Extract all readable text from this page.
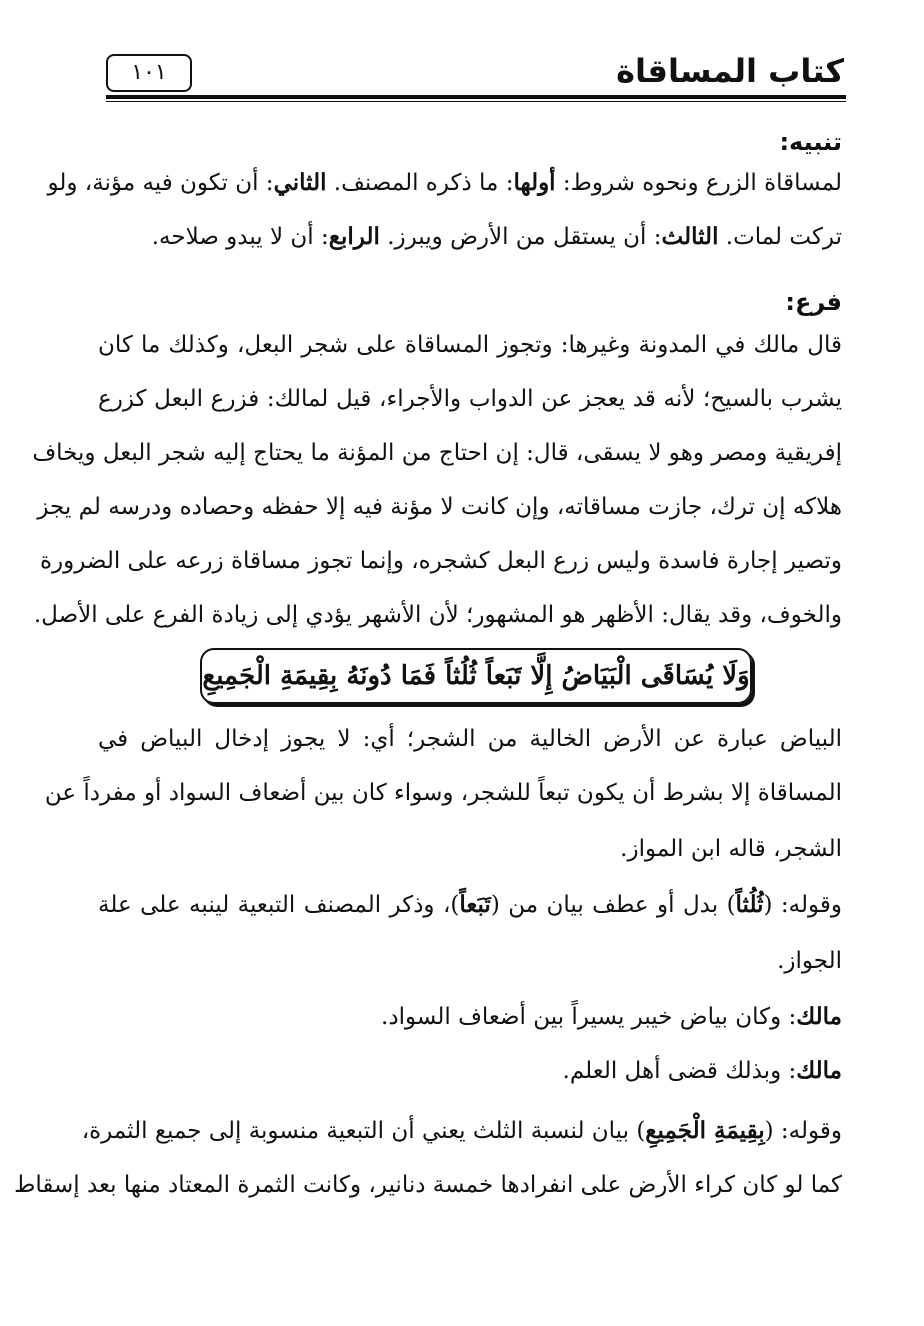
كتاب المساقاة
١٠١
تنبيه:
لمساقاة الزرع ونحوه شروط: أولها: ما ذكره المصنف. الثاني: أن تكون فيه مؤنة، ولو
تركت لمات. الثالث: أن يستقل من الأرض ويبرز. الرابع: أن لا يبدو صلاحه.
فرع:
قال مالك في المدونة وغيرها: وتجوز المساقاة على شجر البعل، وكذلك ما كان
يشرب بالسيح؛ لأنه قد يعجز عن الدواب والأجراء، قيل لمالك: فزرع البعل كزرع
إفريقية ومصر وهو لا يسقى، قال: إن احتاج من المؤنة ما يحتاج إليه شجر البعل ويخاف
هلاكه إن ترك، جازت مساقاته، وإن كانت لا مؤنة فيه إلا حفظه وحصاده ودرسه لم يجز
وتصير إجارة فاسدة وليس زرع البعل كشجره، وإنما تجوز مساقاة زرعه على الضرورة
والخوف، وقد يقال: الأظهر هو المشهور؛ لأن الأشهر يؤدي إلى زيادة الفرع على الأصل.
وَلَا يُسَاقَى الْبَيَاضُ إِلَّا تَبَعاً ثُلُثاً فَمَا دُونَهُ بِقِيمَةِ الْجَمِيعِ
البياض عبارة عن الأرض الخالية من الشجر؛ أي: لا يجوز إدخال البياض في
المساقاة إلا بشرط أن يكون تبعاً للشجر، وسواء كان بين أضعاف السواد أو مفرداً عن
الشجر، قاله ابن المواز.
وقوله: (ثُلُثاً) بدل أو عطف بيان من (تَبَعاً)، وذكر المصنف التبعية لينبه على علة
الجواز.
مالك: وكان بياض خيبر يسيراً بين أضعاف السواد.
مالك: وبذلك قضى أهل العلم.
وقوله: (بِقِيمَةِ الْجَمِيعِ) بيان لنسبة الثلث يعني أن التبعية منسوبة إلى جميع الثمرة،
كما لو كان كراء الأرض على انفرادها خمسة دنانير، وكانت الثمرة المعتاد منها بعد إسقاط
